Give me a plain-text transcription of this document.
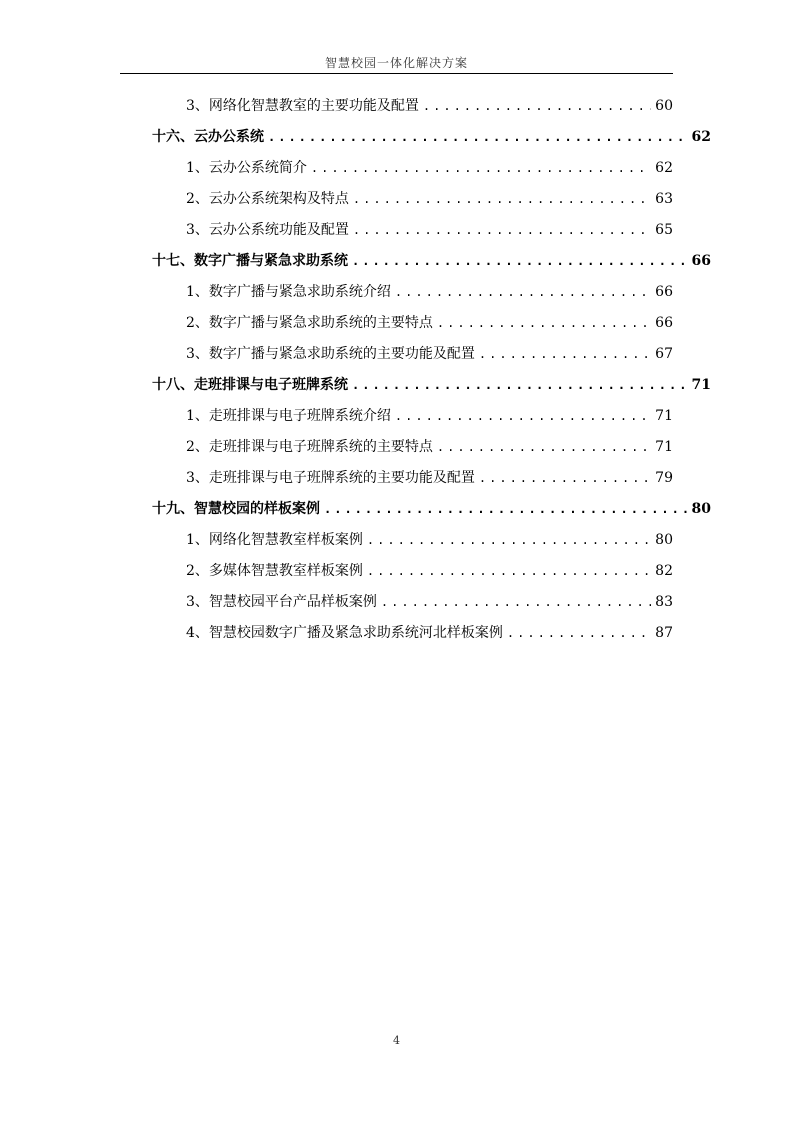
智慧校园一体化解决方案
3、网络化智慧教室的主要功能及配置 .....	60
十六、云办公系统 .....	62
1、云办公系统简介 .....	62
2、云办公系统架构及特点 .....	63
3、云办公系统功能及配置 .....	65
十七、数字广播与紧急求助系统 .....	66
1、数字广播与紧急求助系统介绍 .....	66
2、数字广播与紧急求助系统的主要特点 .....	66
3、数字广播与紧急求助系统的主要功能及配置 .....	67
十八、走班排课与电子班牌系统 .....	71
1、走班排课与电子班牌系统介绍 .....	71
2、走班排课与电子班牌系统的主要特点 .....	71
3、走班排课与电子班牌系统的主要功能及配置 .....	79
十九、智慧校园的样板案例 .....	80
1、网络化智慧教室样板案例 .....	80
2、多媒体智慧教室样板案例 .....	82
3、智慧校园平台产品样板案例 .....	83
4、智慧校园数字广播及紧急求助系统河北样板案例 .....	87
4
